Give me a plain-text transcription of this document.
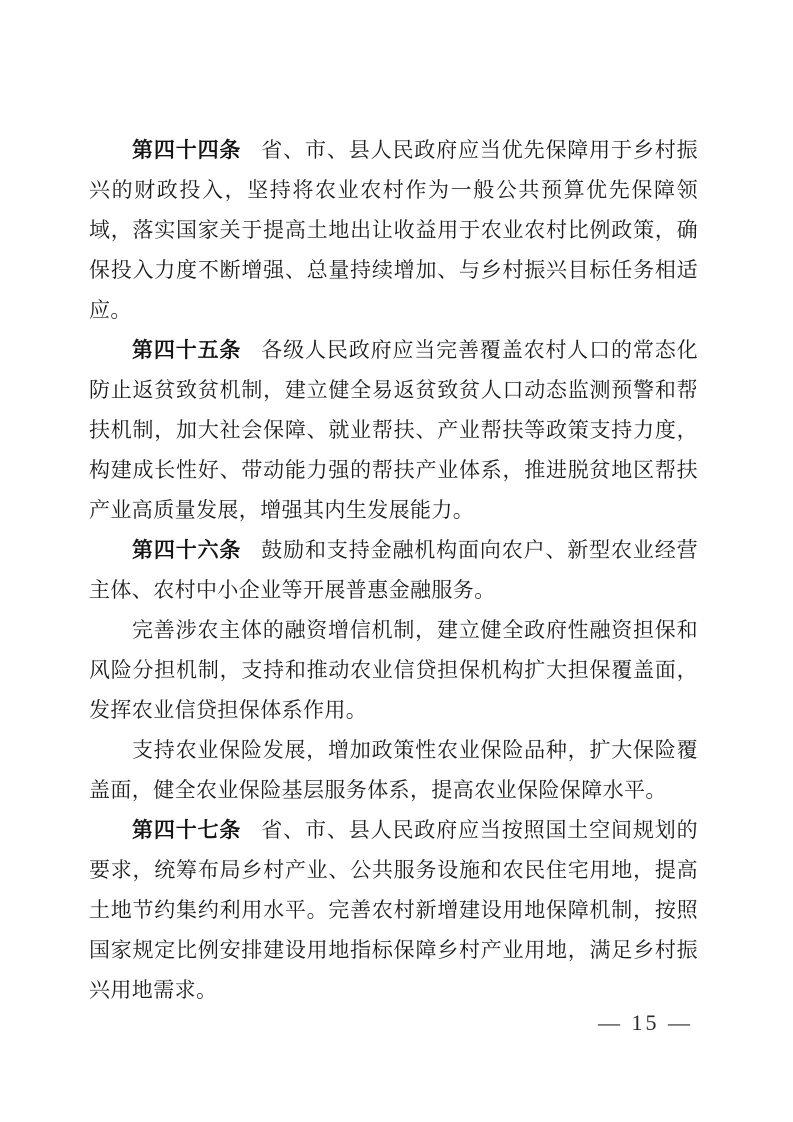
第四十四条 省、市、县人民政府应当优先保障用于乡村振兴的财政投入，坚持将农业农村作为一般公共预算优先保障领域，落实国家关于提高土地出让收益用于农业农村比例政策，确保投入力度不断增强、总量持续增加、与乡村振兴目标任务相适应。

第四十五条 各级人民政府应当完善覆盖农村人口的常态化防止返贫致贫机制，建立健全易返贫致贫人口动态监测预警和帮扶机制，加大社会保障、就业帮扶、产业帮扶等政策支持力度，构建成长性好、带动能力强的帮扶产业体系，推进脱贫地区帮扶产业高质量发展，增强其内生发展能力。

第四十六条 鼓励和支持金融机构面向农户、新型农业经营主体、农村中小企业等开展普惠金融服务。

完善涉农主体的融资增信机制，建立健全政府性融资担保和风险分担机制，支持和推动农业信贷担保机构扩大担保覆盖面，发挥农业信贷担保体系作用。

支持农业保险发展，增加政策性农业保险品种，扩大保险覆盖面，健全农业保险基层服务体系，提高农业保险保障水平。

第四十七条 省、市、县人民政府应当按照国土空间规划的要求，统筹布局乡村产业、公共服务设施和农民住宅用地，提高土地节约集约利用水平。完善农村新增建设用地保障机制，按照国家规定比例安排建设用地指标保障乡村产业用地，满足乡村振兴用地需求。

— 15 —
